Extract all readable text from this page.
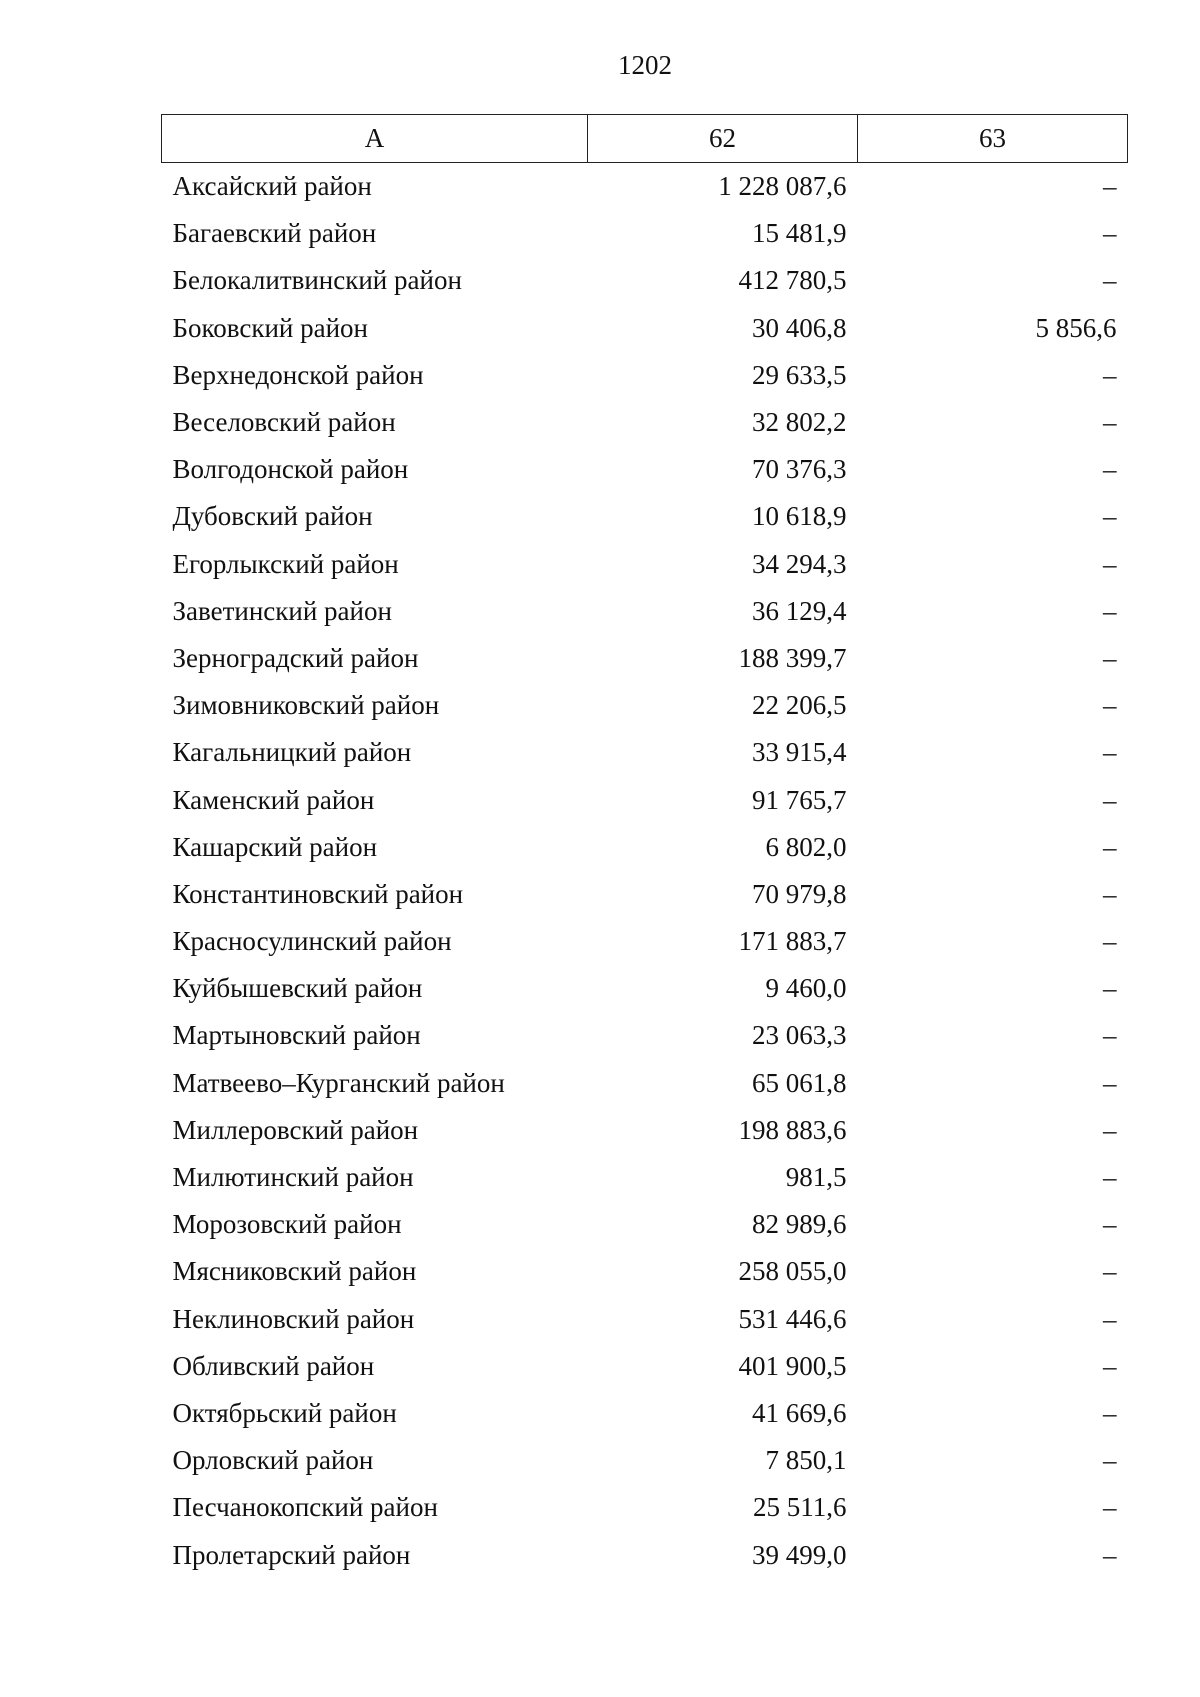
1202
А	62	63
Аксайский район	1 228 087,6	–
Багаевский район	15 481,9	–
Белокалитвинский район	412 780,5	–
Боковский район	30 406,8	5 856,6
Верхнедонской район	29 633,5	–
Веселовский район	32 802,2	–
Волгодонской район	70 376,3	–
Дубовский район	10 618,9	–
Егорлыкский район	34 294,3	–
Заветинский район	36 129,4	–
Зерноградский район	188 399,7	–
Зимовниковский район	22 206,5	–
Кагальницкий район	33 915,4	–
Каменский район	91 765,7	–
Кашарский район	6 802,0	–
Константиновский район	70 979,8	–
Красносулинский район	171 883,7	–
Куйбышевский район	9 460,0	–
Мартыновский район	23 063,3	–
Матвеево–Курганский район	65 061,8	–
Миллеровский район	198 883,6	–
Милютинский район	981,5	–
Морозовский район	82 989,6	–
Мясниковский район	258 055,0	–
Неклиновский район	531 446,6	–
Обливский район	401 900,5	–
Октябрьский район	41 669,6	–
Орловский район	7 850,1	–
Песчанокопский район	25 511,6	–
Пролетарский район	39 499,0	–
